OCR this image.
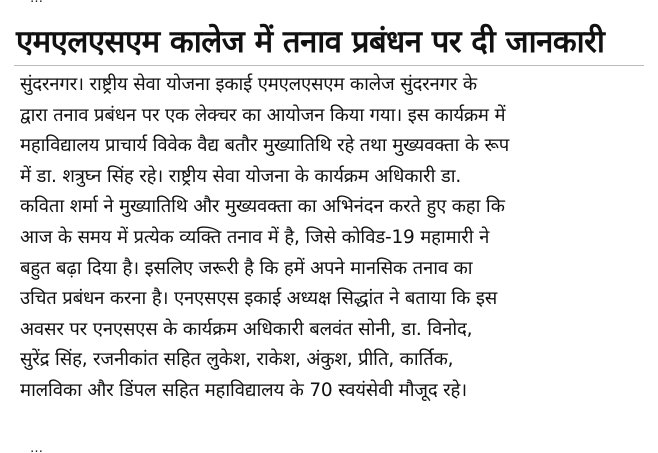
एमएलएसएम कालेज में तनाव प्रबंधन पर दी जानकारी
सुंदरनगर। राष्ट्रीय सेवा योजना इकाई एमएलएसएम कालेज सुंदरनगर के
द्वारा तनाव प्रबंधन पर एक लेक्चर का आयोजन किया गया। इस कार्यक्रम में
महाविद्यालय प्राचार्य विवेक वैद्य बतौर मुख्यातिथि रहे तथा मुख्यवक्ता के रूप
में डा. शत्रुघ्न सिंह रहे। राष्ट्रीय सेवा योजना के कार्यक्रम अधिकारी डा.
कविता शर्मा ने मुख्यातिथि और मुख्यवक्ता का अभिनंदन करते हुए कहा कि
आज के समय में प्रत्येक व्यक्ति तनाव में है, जिसे कोविड-19 महामारी ने
बहुत बढ़ा दिया है। इसलिए जरूरी है कि हमें अपने मानसिक तनाव का
उचित प्रबंधन करना है। एनएसएस इकाई अध्यक्ष सिद्धांत ने बताया कि इस
अवसर पर एनएसएस के कार्यक्रम अधिकारी बलवंत सोनी, डा. विनोद,
सुरेंद्र सिंह, रजनीकांत सहित लुकेश, राकेश, अंकुश, प्रीति, कार्तिक,
मालविका और डिंपल सहित महाविद्यालय के 70 स्वयंसेवी मौजूद रहे।
…
